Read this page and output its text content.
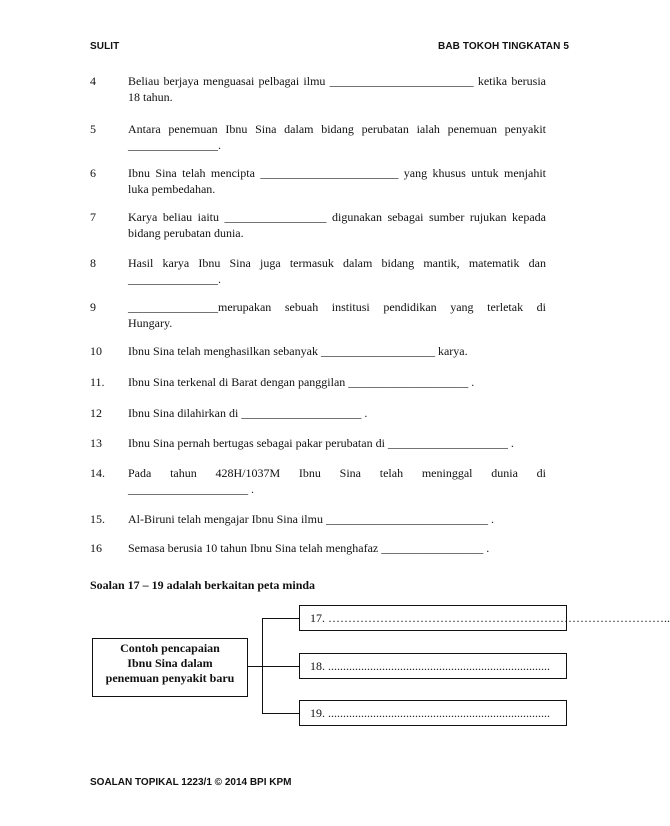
SULIT	BAB TOKOH TINGKATAN 5
4	Beliau berjaya menguasai pelbagai ilmu ________________________ ketika berusia
18 tahun.
5	Antara penemuan Ibnu Sina dalam bidang perubatan ialah penemuan penyakit
_______________.
6	Ibnu Sina telah mencipta _______________________ yang khusus untuk menjahit
luka pembedahan.
7	Karya beliau iaitu _________________ digunakan sebagai sumber rujukan kepada
bidang perubatan dunia.
8	Hasil karya Ibnu Sina juga termasuk dalam bidang mantik, matematik dan
_______________.
9	_______________merupakan sebuah institusi pendidikan yang terletak di
Hungary.
10 Ibnu Sina telah menghasilkan sebanyak ___________________ karya.
11. Ibnu Sina terkenal di Barat dengan panggilan ____________________ .
12 Ibnu Sina dilahirkan di ____________________ .
13 Ibnu Sina pernah bertugas sebagai pakar perubatan di ____________________ .
14. Pada tahun 428H/1037M Ibnu Sina telah meninggal dunia di
____________________ .
15. Al-Biruni telah mengajar Ibnu Sina ilmu ___________________________ .
16 Semasa berusia 10 tahun Ibnu Sina telah menghafaz _________________ .
Soalan 17 – 19 adalah berkaitan peta minda
Contoh pencapaian
Ibnu Sina dalam
penemuan penyakit baru
17. …………………………………………………………………………..
18. ..........................................................................
19. ..........................................................................
SOALAN TOPIKAL 1223/1 © 2014 BPI KPM
